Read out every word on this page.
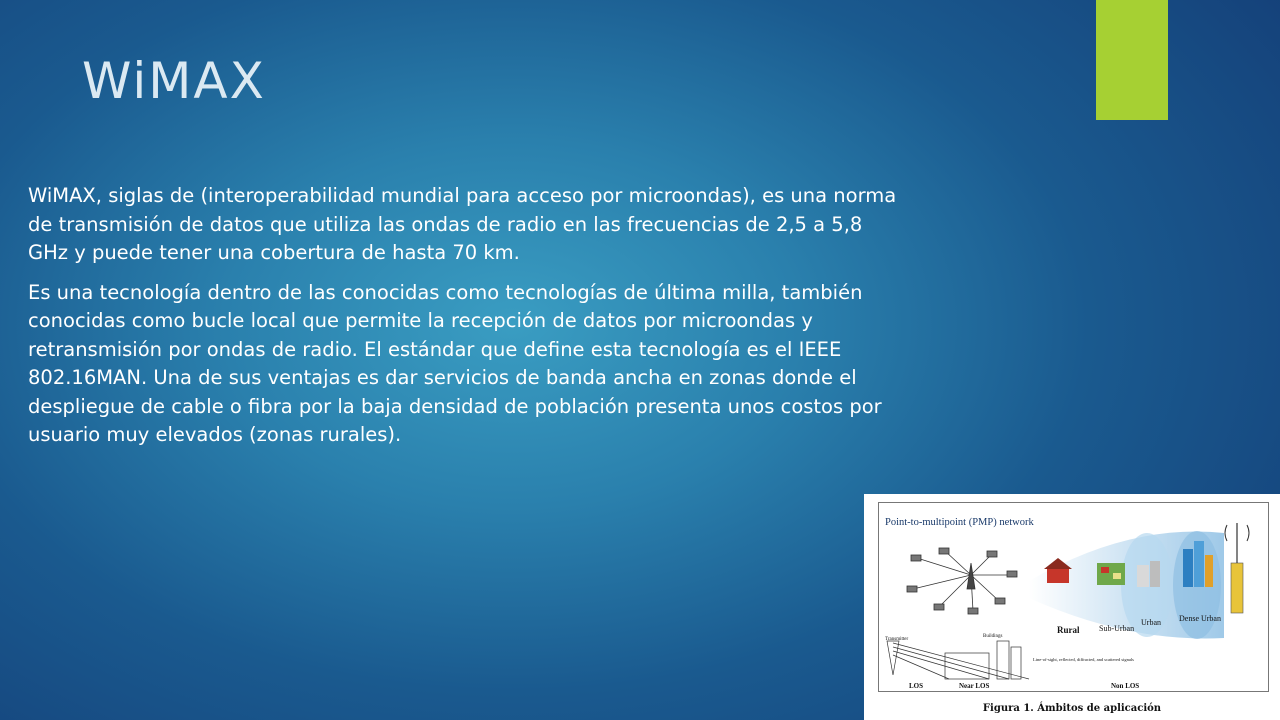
WiMAX

WiMAX, siglas de (interoperabilidad mundial para acceso por microondas), es una norma de transmisión de datos que utiliza las ondas de radio en las frecuencias de 2,5 a 5,8 GHz y puede tener una cobertura de hasta 70 km.

Es una tecnología dentro de las conocidas como tecnologías de última milla, también conocidas como bucle local que permite la recepción de datos por microondas y retransmisión por ondas de radio. El estándar que define esta tecnología es el IEEE 802.16MAN. Una de sus ventajas es dar servicios de banda ancha en zonas donde el despliegue de cable o fibra por la baja densidad de población presenta unos costos por usuario muy elevados (zonas rurales).

Point-to-multipoint (PMP) network
Rural Sub-Urban
Urban Dense Urban
Transmitter
Buildings
Line-of-sight, reflected, diffracted, and scattered signals
LOS	Near LOS	Non LOS
Figura 1. Ámbitos de aplicación
